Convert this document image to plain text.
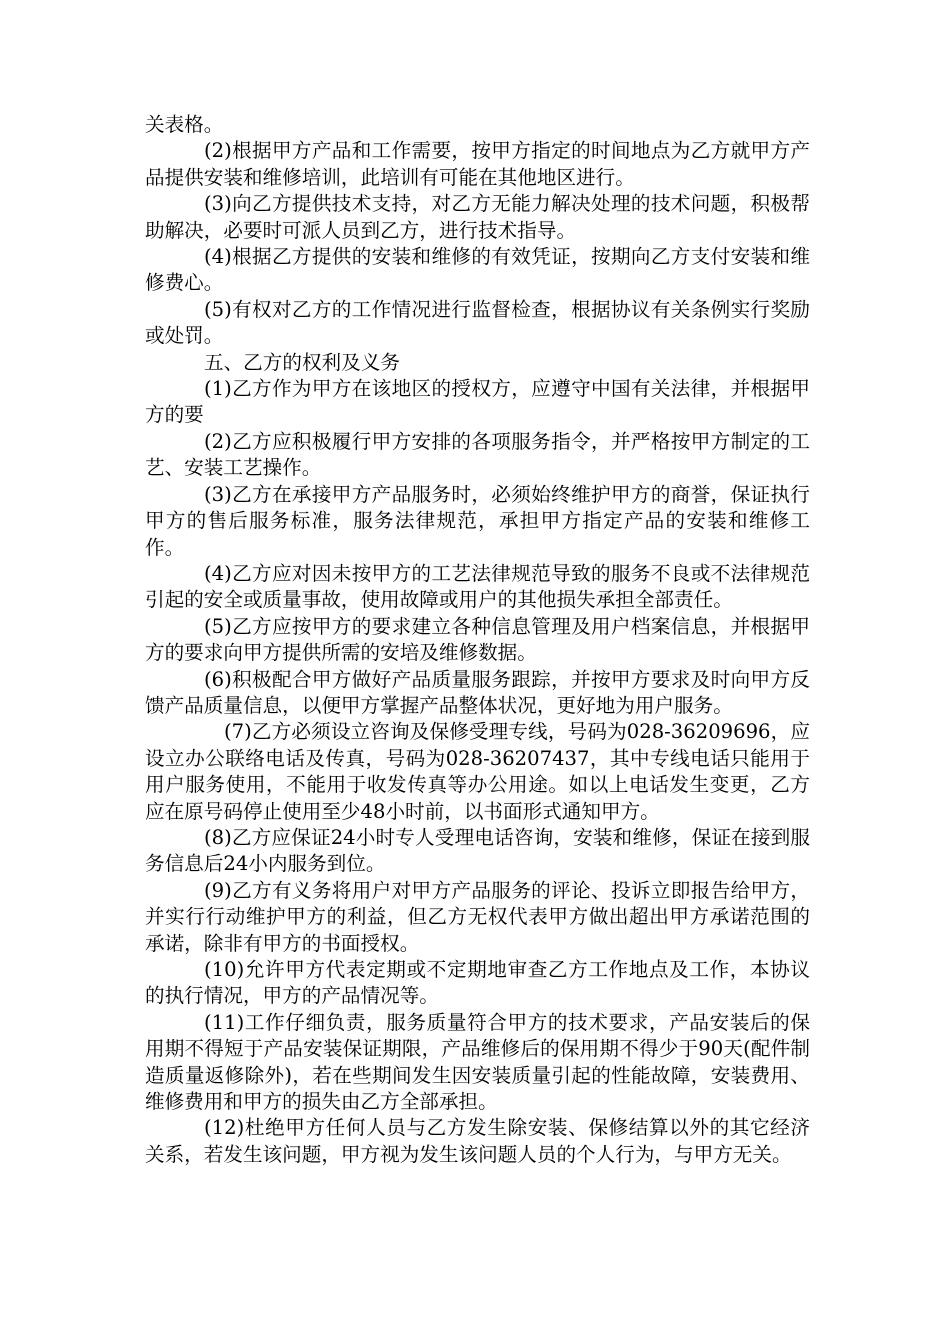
关表格。

(2)根据甲方产品和工作需要，按甲方指定的时间地点为乙方就甲方产品提供安装和维修培训，此培训有可能在其他地区进行。

(3)向乙方提供技术支持，对乙方无能力解决处理的技术问题，积极帮助解决，必要时可派人员到乙方，进行技术指导。

(4)根据乙方提供的安装和维修的有效凭证，按期向乙方支付安装和维修费心。

(5)有权对乙方的工作情况进行监督检查，根据协议有关条例实行奖励或处罚。

五、乙方的权利及义务

(1)乙方作为甲方在该地区的授权方，应遵守中国有关法律，并根据甲方的要

(2)乙方应积极履行甲方安排的各项服务指令，并严格按甲方制定的工艺、安装工艺操作。

(3)乙方在承接甲方产品服务时，必须始终维护甲方的商誉，保证执行甲方的售后服务标准，服务法律规范，承担甲方指定产品的安装和维修工作。

(4)乙方应对因未按甲方的工艺法律规范导致的服务不良或不法律规范引起的安全或质量事故，使用故障或用户的其他损失承担全部责任。

(5)乙方应按甲方的要求建立各种信息管理及用户档案信息，并根据甲方的要求向甲方提供所需的安培及维修数据。

(6)积极配合甲方做好产品质量服务跟踪，并按甲方要求及时向甲方反馈产品质量信息，以便甲方掌握产品整体状况，更好地为用户服务。

(7)乙方必须设立咨询及保修受理专线，号码为028-36209696，应设立办公联络电话及传真，号码为028-36207437，其中专线电话只能用于用户服务使用，不能用于收发传真等办公用途。如以上电话发生变更，乙方应在原号码停止使用至少48小时前，以书面形式通知甲方。

(8)乙方应保证24小时专人受理电话咨询，安装和维修，保证在接到服务信息后24小内服务到位。

(9)乙方有义务将用户对甲方产品服务的评论、投诉立即报告给甲方，并实行行动维护甲方的利益，但乙方无权代表甲方做出超出甲方承诺范围的承诺，除非有甲方的书面授权。

(10)允许甲方代表定期或不定期地审查乙方工作地点及工作，本协议的执行情况，甲方的产品情况等。

(11)工作仔细负责，服务质量符合甲方的技术要求，产品安装后的保用期不得短于产品安装保证期限，产品维修后的保用期不得少于90天(配件制造质量返修除外)，若在些期间发生因安装质量引起的性能故障，安装费用、维修费用和甲方的损失由乙方全部承担。

(12)杜绝甲方任何人员与乙方发生除安装、保修结算以外的其它经济关系，若发生该问题，甲方视为发生该问题人员的个人行为，与甲方无关。
